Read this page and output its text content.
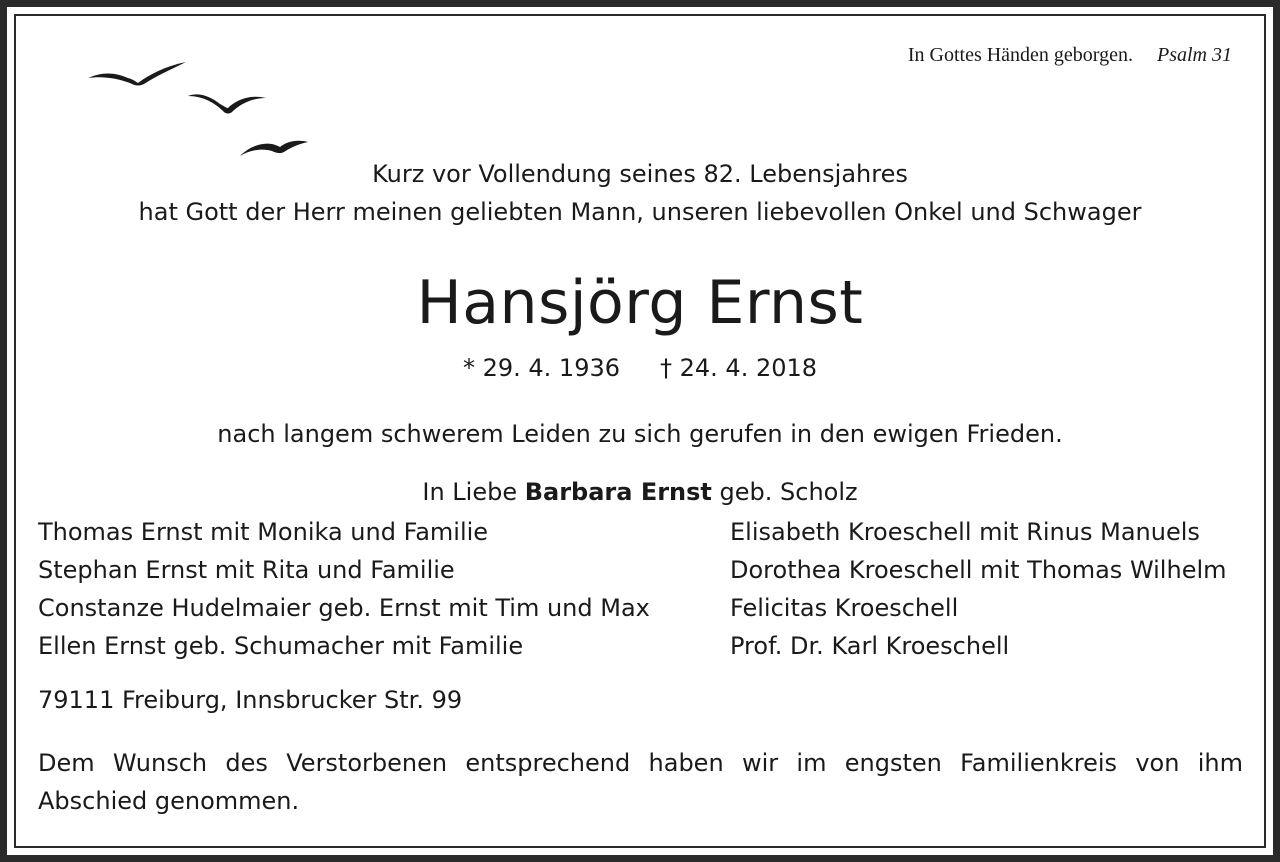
In Gottes Händen geborgen. Psalm 31
Kurz vor Vollendung seines 82. Lebensjahres
hat Gott der Herr meinen geliebten Mann, unseren liebevollen Onkel und Schwager
Hansjörg Ernst
* 29. 4. 1936 † 24. 4. 2018
nach langem schwerem Leiden zu sich gerufen in den ewigen Frieden.
In Liebe Barbara Ernst geb. Scholz
Thomas Ernst mit Monika und Familie
Stephan Ernst mit Rita und Familie
Constanze Hudelmaier geb. Ernst mit Tim und Max
Ellen Ernst geb. Schumacher mit Familie
Elisabeth Kroeschell mit Rinus Manuels
Dorothea Kroeschell mit Thomas Wilhelm
Felicitas Kroeschell
Prof. Dr. Karl Kroeschell
79111 Freiburg, Innsbrucker Str. 99
Dem Wunsch des Verstorbenen entsprechend haben wir im engsten Familienkreis von ihm
Abschied genommen.
